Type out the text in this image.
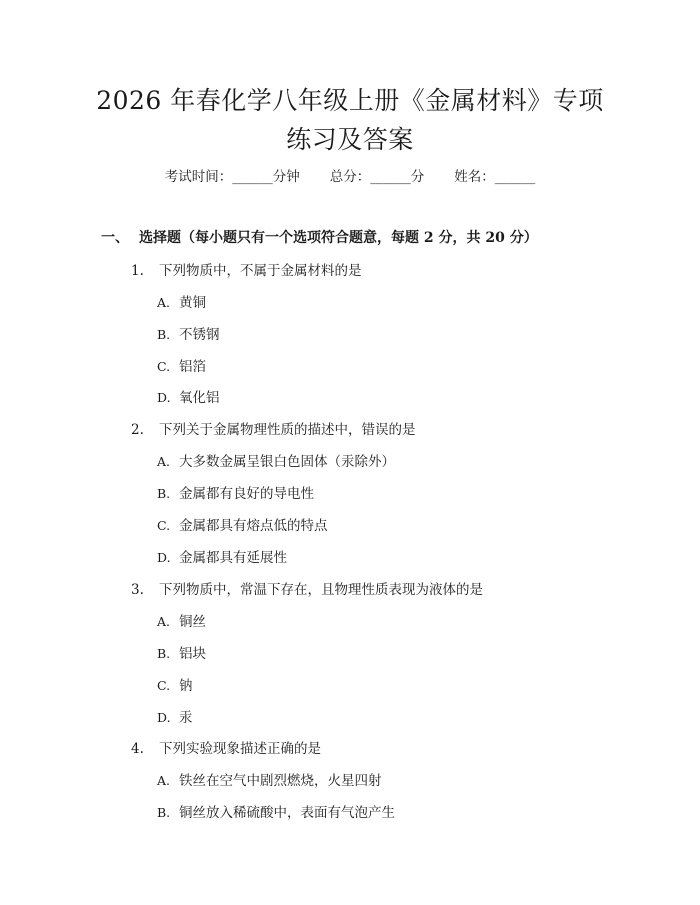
2026 年春化学八年级上册《金属材料》专项
练习及答案
考试时间：______分钟 总分：______分 姓名：______
一、 选择题（每小题只有一个选项符合题意，每题 2 分，共 20 分）
1. 下列物质中，不属于金属材料的是
A. 黄铜
B. 不锈钢
C. 铝箔
D. 氧化铝
2. 下列关于金属物理性质的描述中，错误的是
A. 大多数金属呈银白色固体（汞除外）
B. 金属都有良好的导电性
C. 金属都具有熔点低的特点
D. 金属都具有延展性
3. 下列物质中，常温下存在，且物理性质表现为液体的是
A. 铜丝
B. 铝块
C. 钠
D. 汞
4. 下列实验现象描述正确的是
A. 铁丝在空气中剧烈燃烧，火星四射
B. 铜丝放入稀硫酸中，表面有气泡产生
